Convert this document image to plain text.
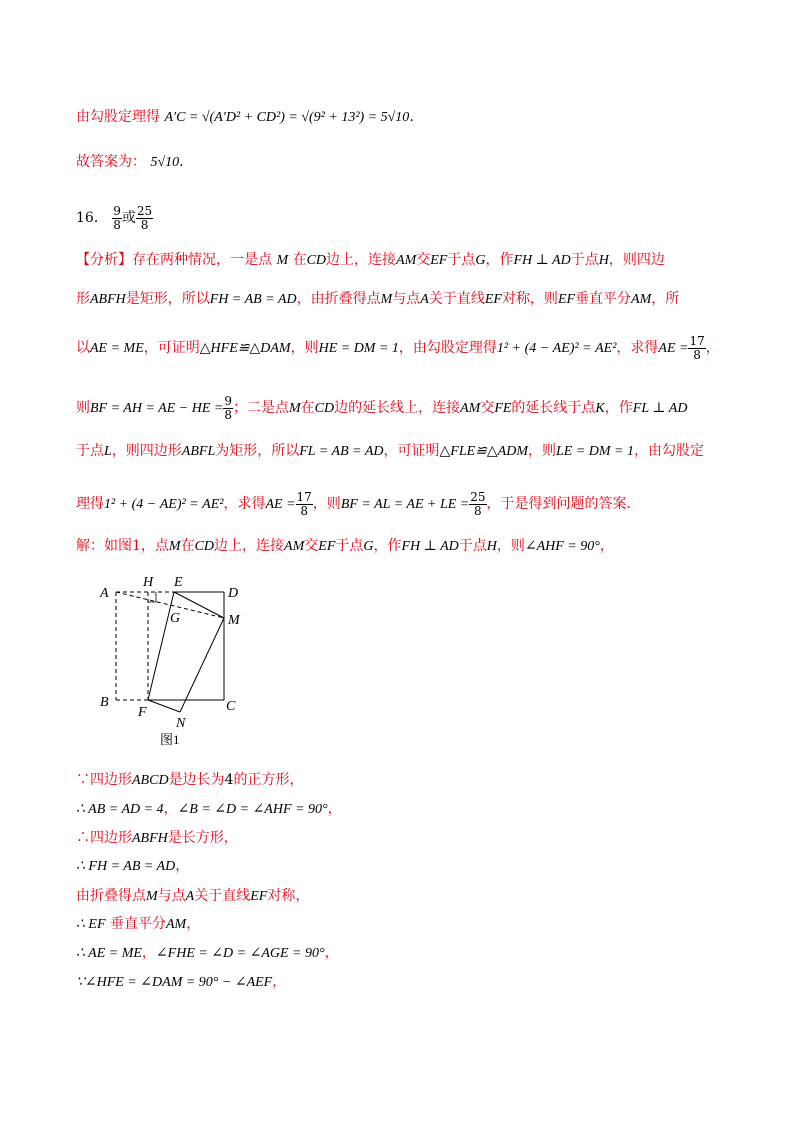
由勾股定理得 A′C = √(A′D² + CD²) = √(9² + 13²) = 5√10.
故答案为： 5√10.
16． $\frac{9}{8}$ 或 $\frac{25}{8}$
【分析】存在两种情况，一是点 M 在CD边上，连接AM交EF于点G，作FH ⊥ AD于点H，则四边
形ABFH是矩形，所以FH = AB = AD，由折叠得点M与点A关于直线EF对称，则EF垂直平分AM，所
以AE = ME，可证明△HFE≌△DAM，则HE = DM = 1，由勾股定理得1² + (4 − AE)² = AE²，求得AE = $\frac{17}{8}$ ，
则BF = AH = AE − HE = $\frac{9}{8}$ ；二是点M在CD边的延长线上，连接AM交FE的延长线于点K，作FL ⊥ AD
于点L，则四边形ABFL为矩形，所以FL = AB = AD，可证明△FLE≌△ADM，则LE = DM = 1，由勾股定
理得1² + (4 − AE)² = AE²，求得AE = $\frac{17}{8}$ ，则BF = AL = AE + LE = $\frac{25}{8}$ ，于是得到问题的答案.
解：如图1，点M在CD边上，连接AM交EF于点G，作FH ⊥ AD于点H，则∠AHF = 90°，
A
H E
D
G	M
B
F
N
C
图1
∵四边形ABCD是边长为4的正方形，
∴ AB = AD = 4，∠B = ∠D = ∠AHF = 90°，
∴四边形ABFH是长方形，
∴ FH = AB = AD，
由折叠得点M与点A关于直线EF对称，
∴ EF 垂直平分AM，
∴ AE = ME，∠FHE = ∠D = ∠AGE = 90°，
∵∠HFE = ∠DAM = 90° − ∠AEF，
